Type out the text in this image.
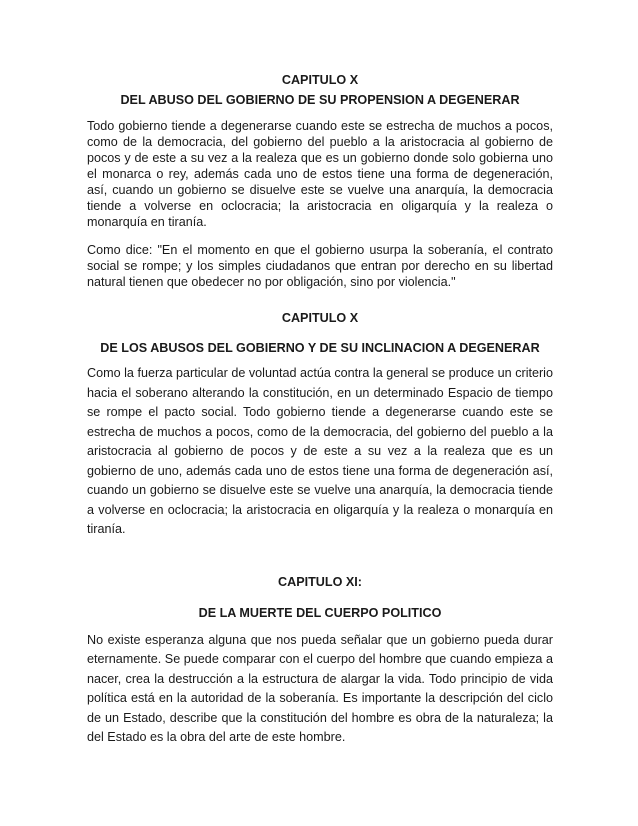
CAPITULO X

DEL ABUSO DEL GOBIERNO DE SU PROPENSION A DEGENERAR

Todo gobierno tiende a degenerarse cuando este se estrecha de muchos a pocos, como de la democracia, del gobierno del pueblo a la aristocracia al gobierno de pocos y de este a su vez a la realeza que es un gobierno donde solo gobierna uno el monarca o rey, además cada uno de estos tiene una forma de degeneración, así, cuando un gobierno se disuelve este se vuelve una anarquía, la democracia tiende a volverse en oclocracia; la aristocracia en oligarquía y la realeza o monarquía en tiranía.

Como dice: "En el momento en que el gobierno usurpa la soberanía, el contrato social se rompe; y los simples ciudadanos que entran por derecho en su libertad natural tienen que obedecer no por obligación, sino por violencia."

CAPITULO X

DE LOS ABUSOS DEL GOBIERNO Y DE SU INCLINACION A DEGENERAR

Como la fuerza particular de voluntad actúa contra la general se produce un criterio hacia el soberano alterando la constitución, en un determinado Espacio de tiempo se rompe el pacto social. Todo gobierno tiende a degenerarse cuando este se estrecha de muchos a pocos, como de la democracia, del gobierno del pueblo a la aristocracia al gobierno de pocos y de este a su vez a la realeza que es un gobierno de uno, además cada uno de estos tiene una forma de degeneración así, cuando un gobierno se disuelve este se vuelve una anarquía, la democracia tiende a volverse en oclocracia; la aristocracia en oligarquía y la realeza o monarquía en tiranía.

CAPITULO XI:

DE LA MUERTE DEL CUERPO POLITICO

No existe esperanza alguna que nos pueda señalar que un gobierno pueda durar eternamente. Se puede comparar con el cuerpo del hombre que cuando empieza a nacer, crea la destrucción a la estructura de alargar la vida. Todo principio de vida política está en la autoridad de la soberanía. Es importante la descripción del ciclo de un Estado, describe que la constitución del hombre es obra de la naturaleza; la del Estado es la obra del arte de este hombre.
